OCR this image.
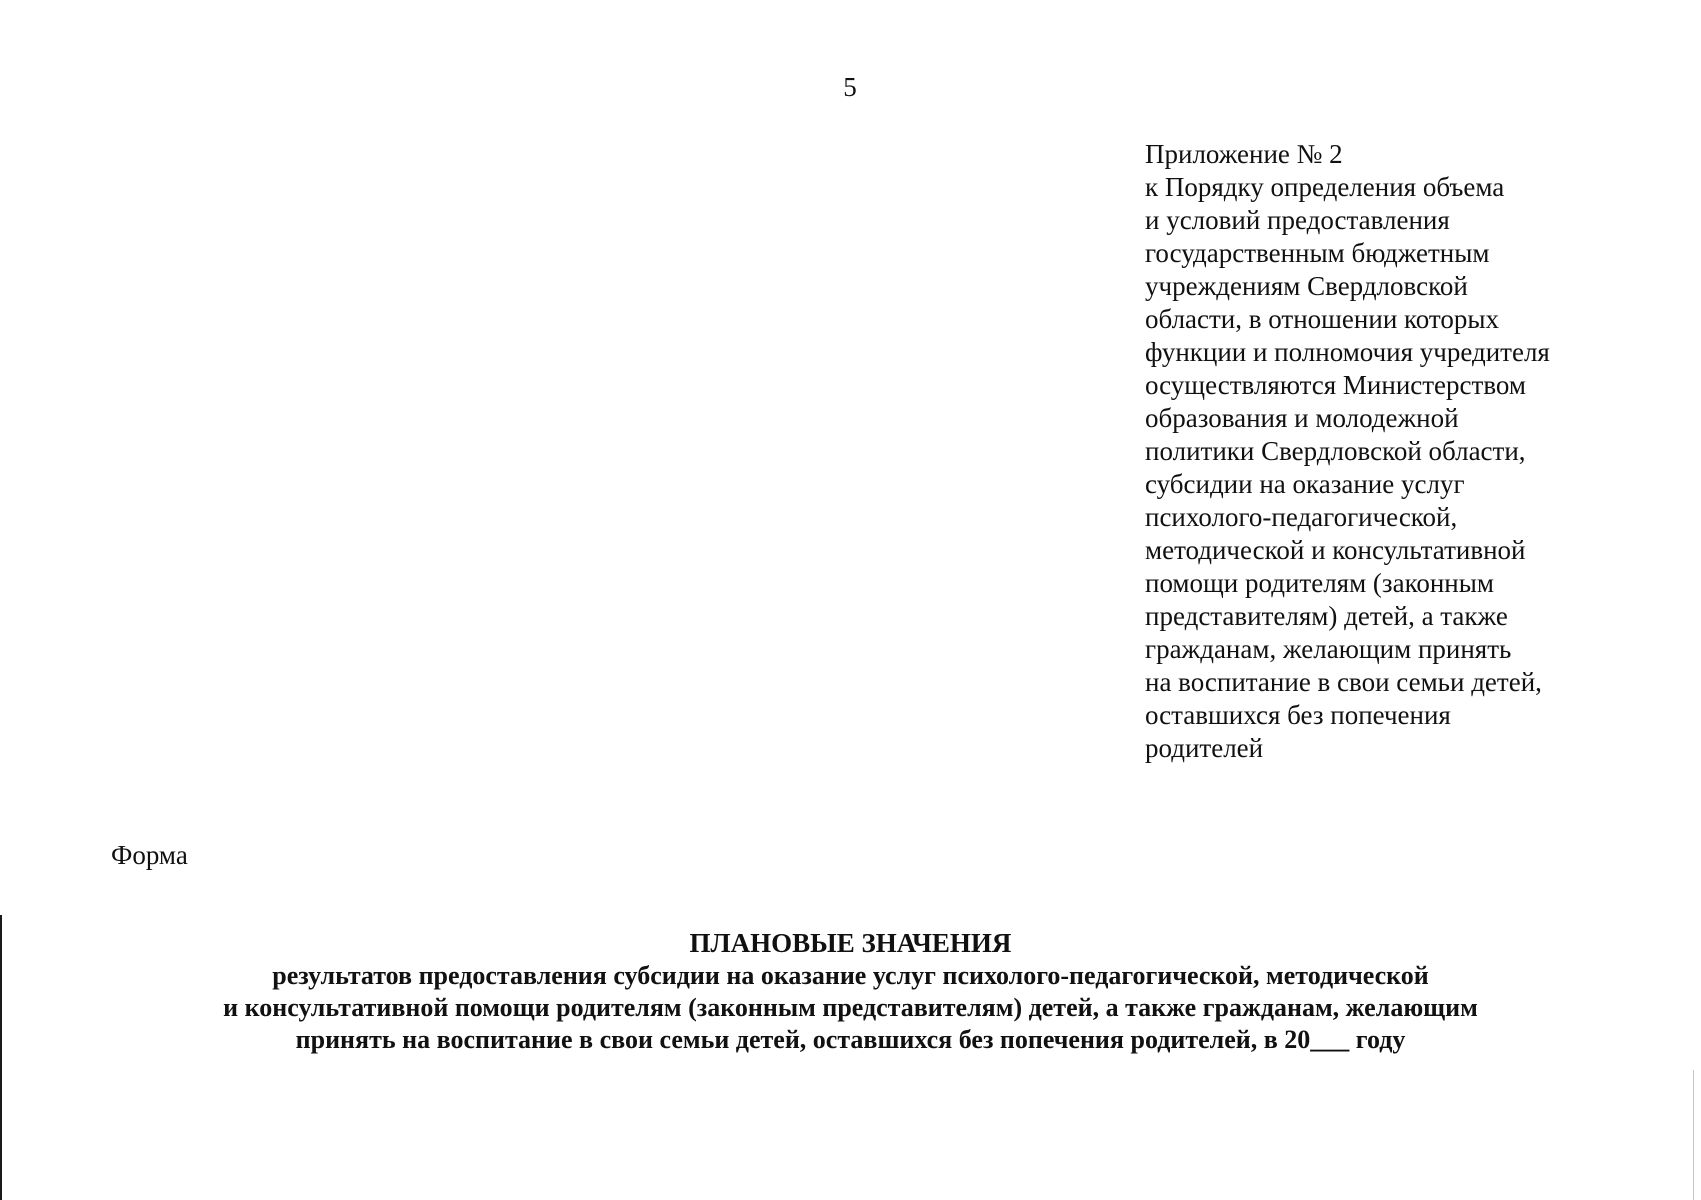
5
Приложение № 2
к Порядку определения объема
и условий предоставления
государственным бюджетным
учреждениям Свердловской
области, в отношении которых
функции и полномочия учредителя
осуществляются Министерством
образования и молодежной
политики Свердловской области,
субсидии на оказание услуг
психолого-педагогической,
методической и консультативной
помощи родителям (законным
представителям) детей, а также
гражданам, желающим принять
на воспитание в свои семьи детей,
оставшихся без попечения
родителей
Форма
ПЛАНОВЫЕ ЗНАЧЕНИЯ
результатов предоставления субсидии на оказание услуг психолого-педагогической, методической
и консультативной помощи родителям (законным представителям) детей, а также гражданам, желающим
принять на воспитание в свои семьи детей, оставшихся без попечения родителей, в 20___ году
